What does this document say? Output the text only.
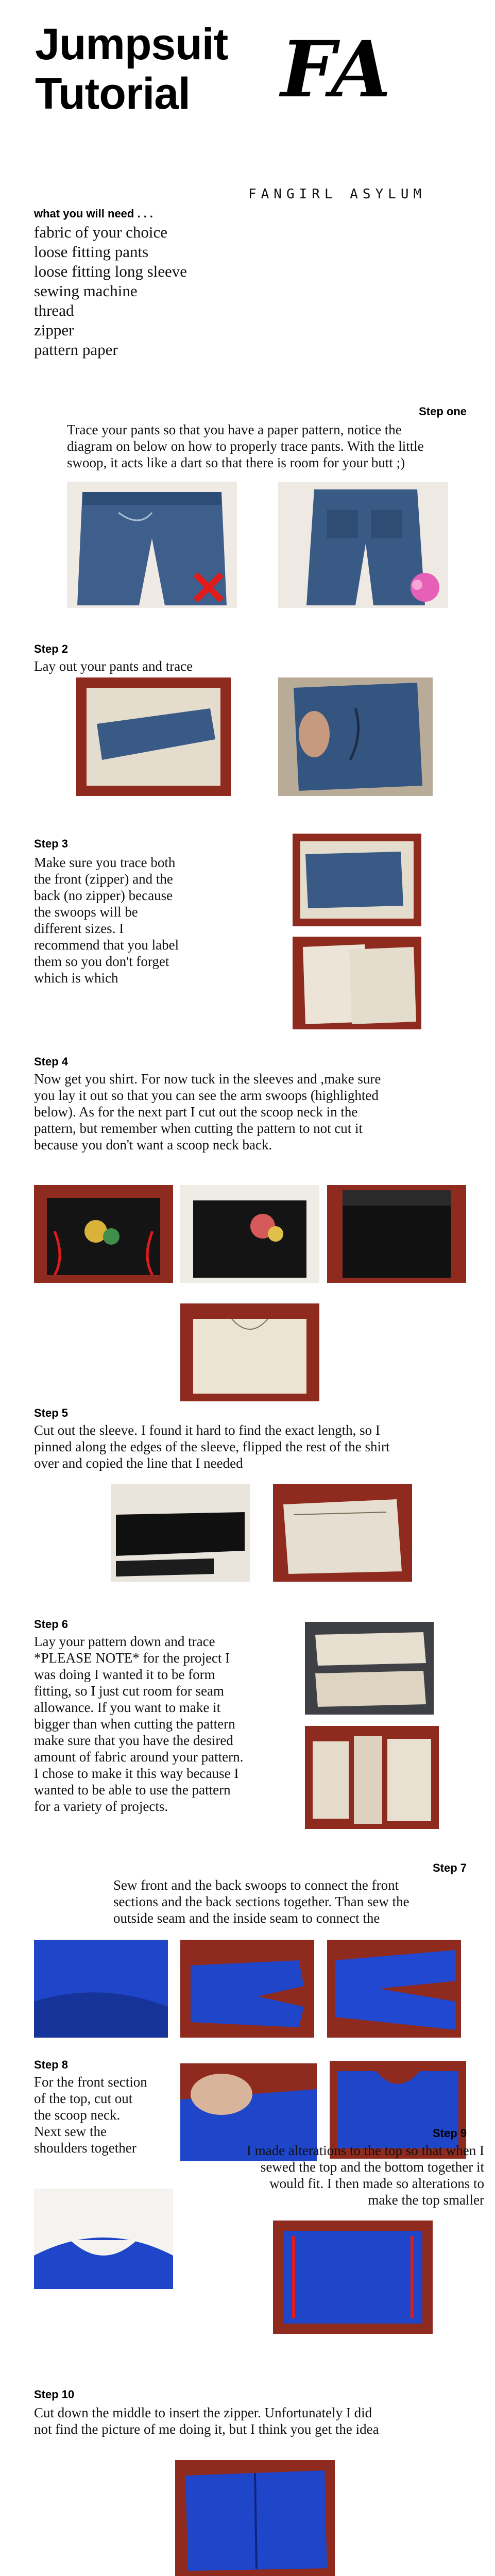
Jumpsuit
Tutorial FA
FANGIRL ASYLUM
what you will need . . .
fabric of your choice
loose fitting pants
loose fitting long sleeve
sewing machine
thread
zipper
pattern paper
Step one
Trace your pants so that you have a paper pattern, notice the
diagram on below on how to properly trace pants. With the little
swoop, it acts like a dart so that there is room for your butt ;)
Step 2
Lay out your pants and trace
Step 3
Make sure you trace both
the front (zipper) and the
back (no zipper) because
the swoops will be
different sizes. I
recommend that you label
them so you don't forget
which is which
Step 4
Now get you shirt. For now tuck in the sleeves and ,make sure
you lay it out so that you can see the arm swoops (highlighted
below). As for the next part I cut out the scoop neck in the
pattern, but remember when cutting the pattern to not cut it
because you don't want a scoop neck back.
Step 5
Cut out the sleeve. I found it hard to find the exact length, so I
pinned along the edges of the sleeve, flipped the rest of the shirt
over and copied the line that I needed
Step 6
Lay your pattern down and trace
*PLEASE NOTE* for the project I
was doing I wanted it to be form
fitting, so I just cut room for seam
allowance. If you want to make it
bigger than when cutting the pattern
make sure that you have the desired
amount of fabric around your pattern.
I chose to make it this way because I
wanted to be able to use the pattern
for a variety of projects.
Step 7
Sew front and the back swoops to connect the front
sections and the back sections together. Than sew the
outside seam and the inside seam to connect the
Step 8
For the front section
of the top, cut out
the scoop neck.
Next sew the
shoulders together
Step 9
I made alterations to the top so that when I
sewed the top and the bottom together it
would fit. I then made so alterations to
make the top smaller
Step 10
Cut down the middle to insert the zipper. Unfortunately I did
not find the picture of me doing it, but I think you get the idea
